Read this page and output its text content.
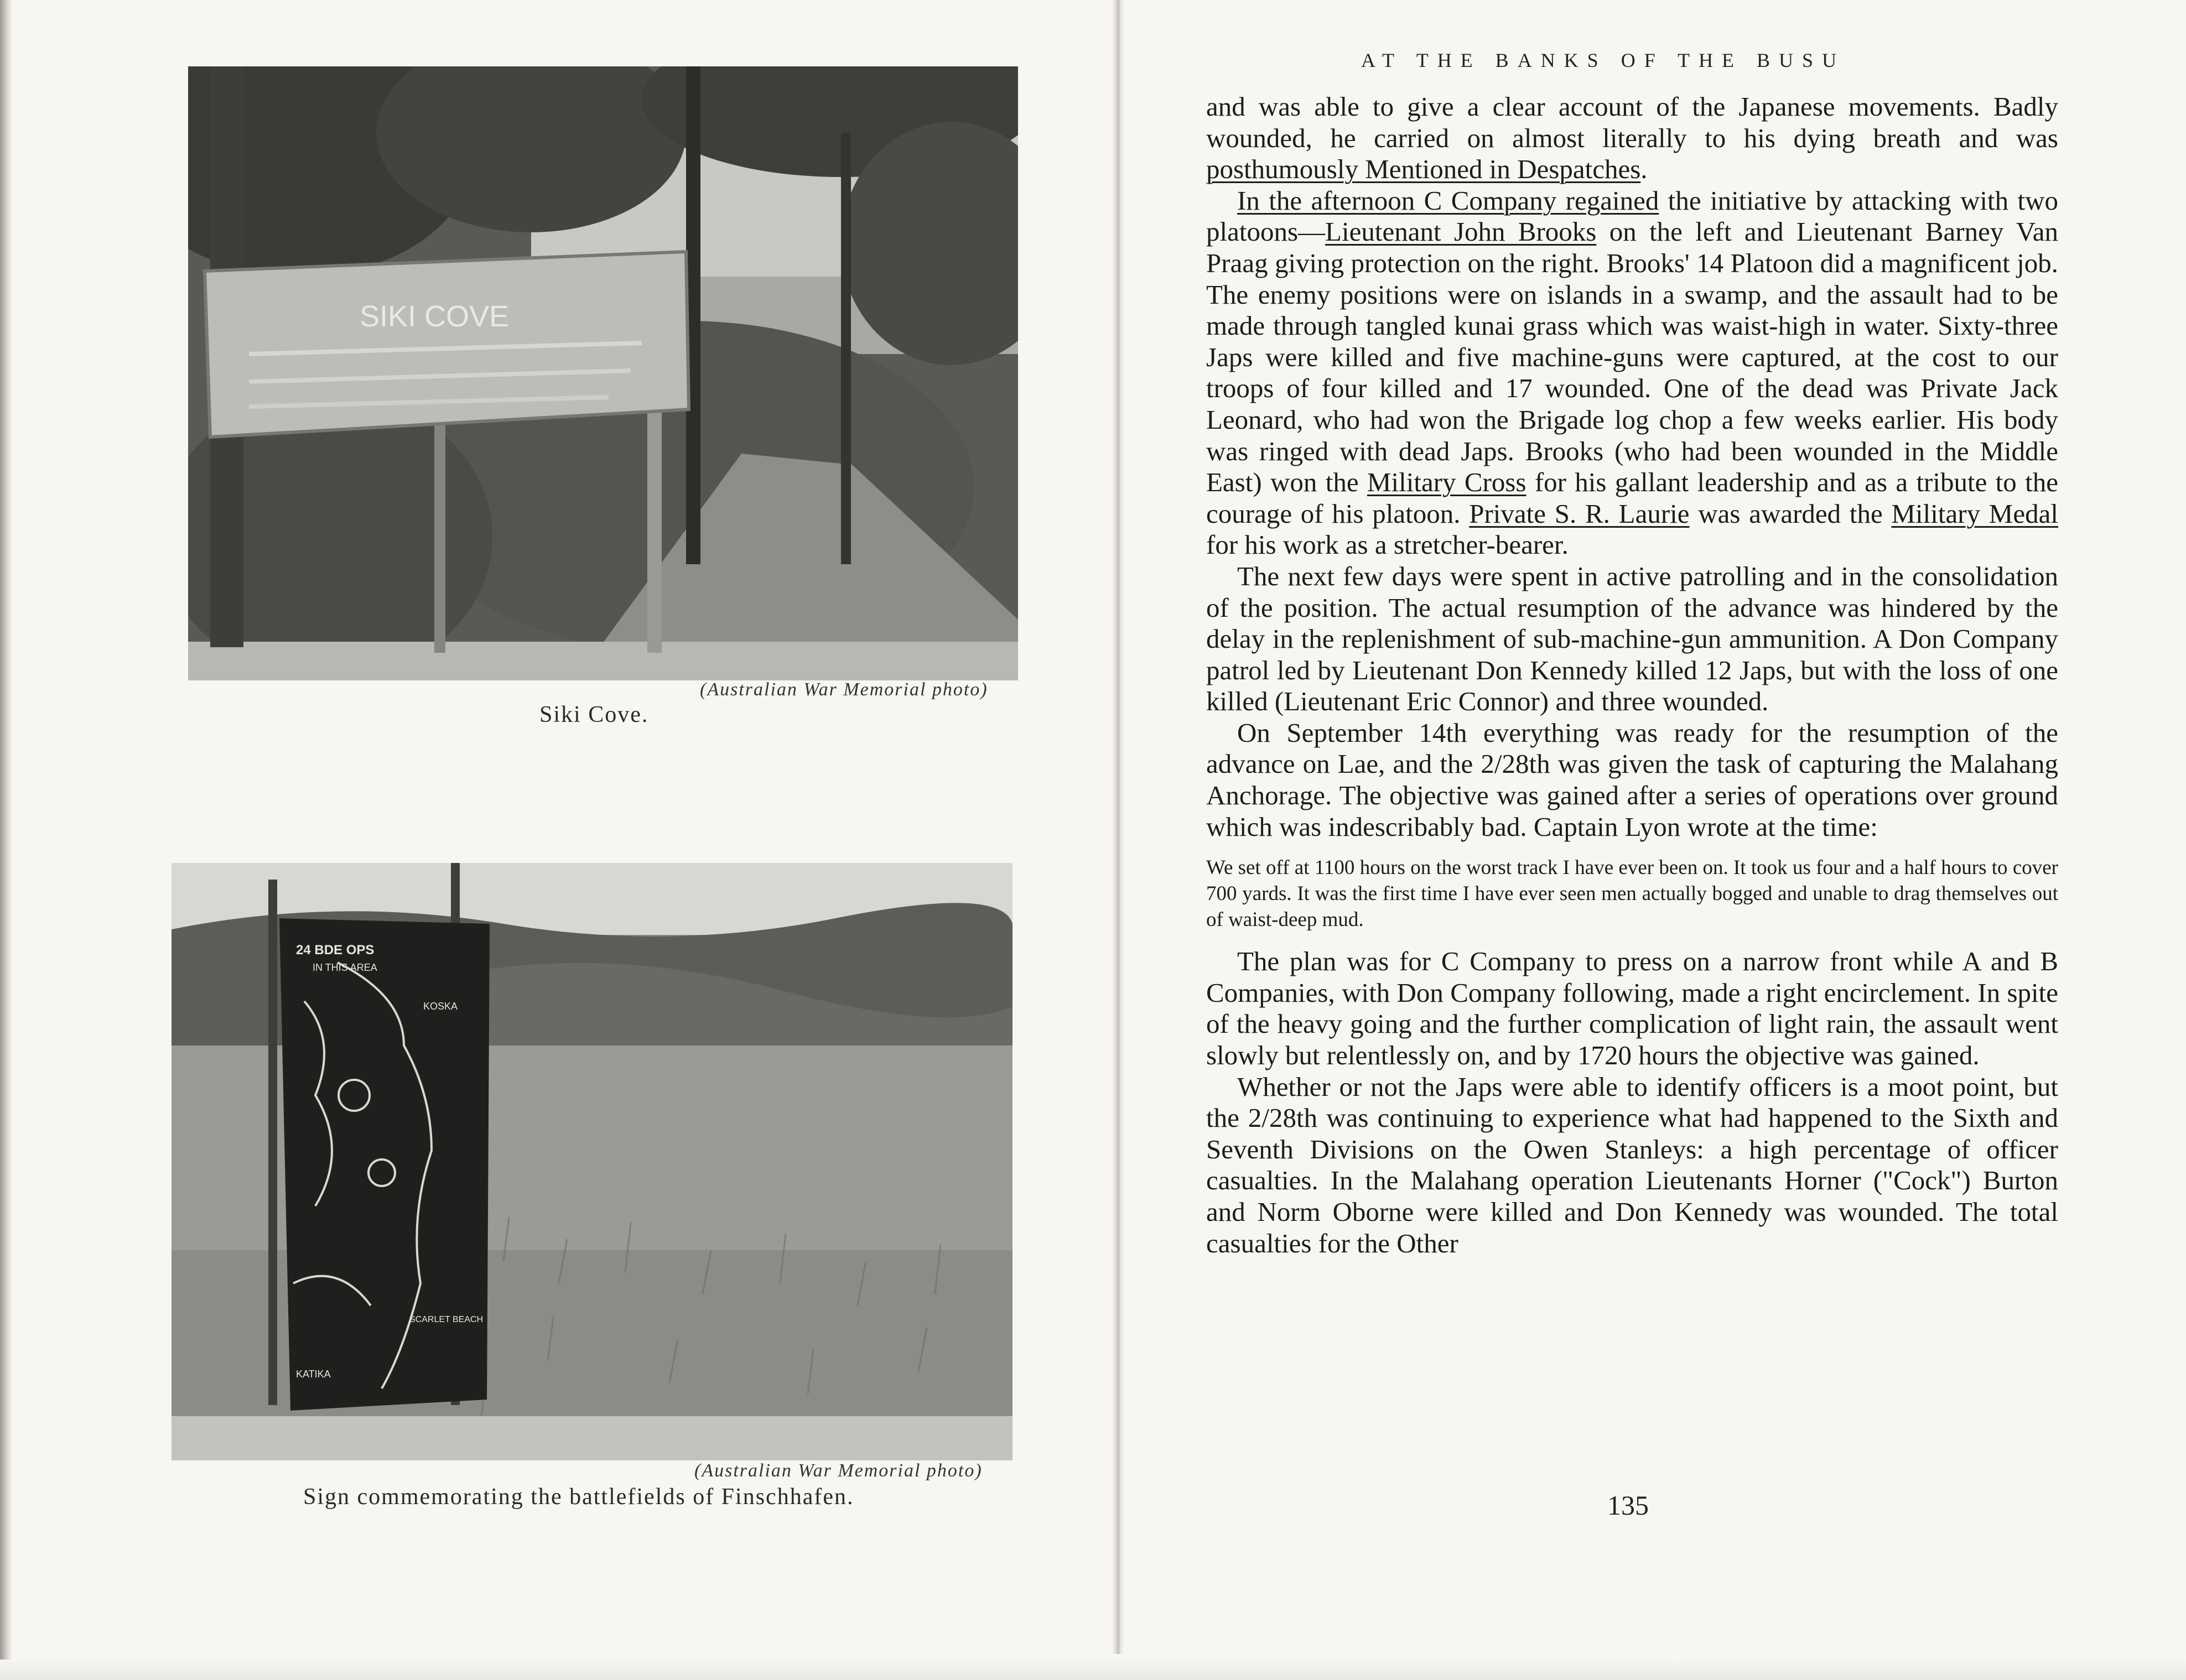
SIKI COVE
(Australian War Memorial photo)
Siki Cove.
24 BDE OPS
IN THIS AREA
KOSKA
KATIKA
SCARLET BEACH
(Australian War Memorial photo)
Sign commemorating the battlefields of Finschhafen.
AT THE BANKS OF THE BUSU

and was able to give a clear account of the Japanese movements. Badly wounded, he carried on almost literally to his dying breath and was posthumously Mentioned in Despatches.

In the afternoon C Company regained the initiative by attacking with two platoons—Lieutenant John Brooks on the left and Lieutenant Barney Van Praag giving protection on the right. Brooks' 14 Platoon did a magnificent job. The enemy positions were on islands in a swamp, and the assault had to be made through tangled kunai grass which was waist-high in water. Sixty-three Japs were killed and five machine-guns were captured, at the cost to our troops of four killed and 17 wounded. One of the dead was Private Jack Leonard, who had won the Brigade log chop a few weeks earlier. His body was ringed with dead Japs. Brooks (who had been wounded in the Middle East) won the Military Cross for his gallant leadership and as a tribute to the courage of his platoon. Private S. R. Laurie was awarded the Military Medal for his work as a stretcher-bearer.

The next few days were spent in active patrolling and in the consolidation of the position. The actual resumption of the advance was hindered by the delay in the replenishment of sub-machine-gun ammunition. A Don Company patrol led by Lieutenant Don Kennedy killed 12 Japs, but with the loss of one killed (Lieutenant Eric Connor) and three wounded.

On September 14th everything was ready for the resumption of the advance on Lae, and the 2/28th was given the task of capturing the Malahang Anchorage. The objective was gained after a series of operations over ground which was indescribably bad. Captain Lyon wrote at the time:

We set off at 1100 hours on the worst track I have ever been on. It took us four and a half hours to cover 700 yards. It was the first time I have ever seen men actually bogged and unable to drag themselves out of waist-deep mud.

The plan was for C Company to press on a narrow front while A and B Companies, with Don Company following, made a right encirclement. In spite of the heavy going and the further complication of light rain, the assault went slowly but relentlessly on, and by 1720 hours the objective was gained.

Whether or not the Japs were able to identify officers is a moot point, but the 2/28th was continuing to experience what had happened to the Sixth and Seventh Divisions on the Owen Stanleys: a high percentage of officer casualties. In the Malahang operation Lieutenants Horner ("Cock") Burton and Norm Oborne were killed and Don Kennedy was wounded. The total casualties for the Other

135
